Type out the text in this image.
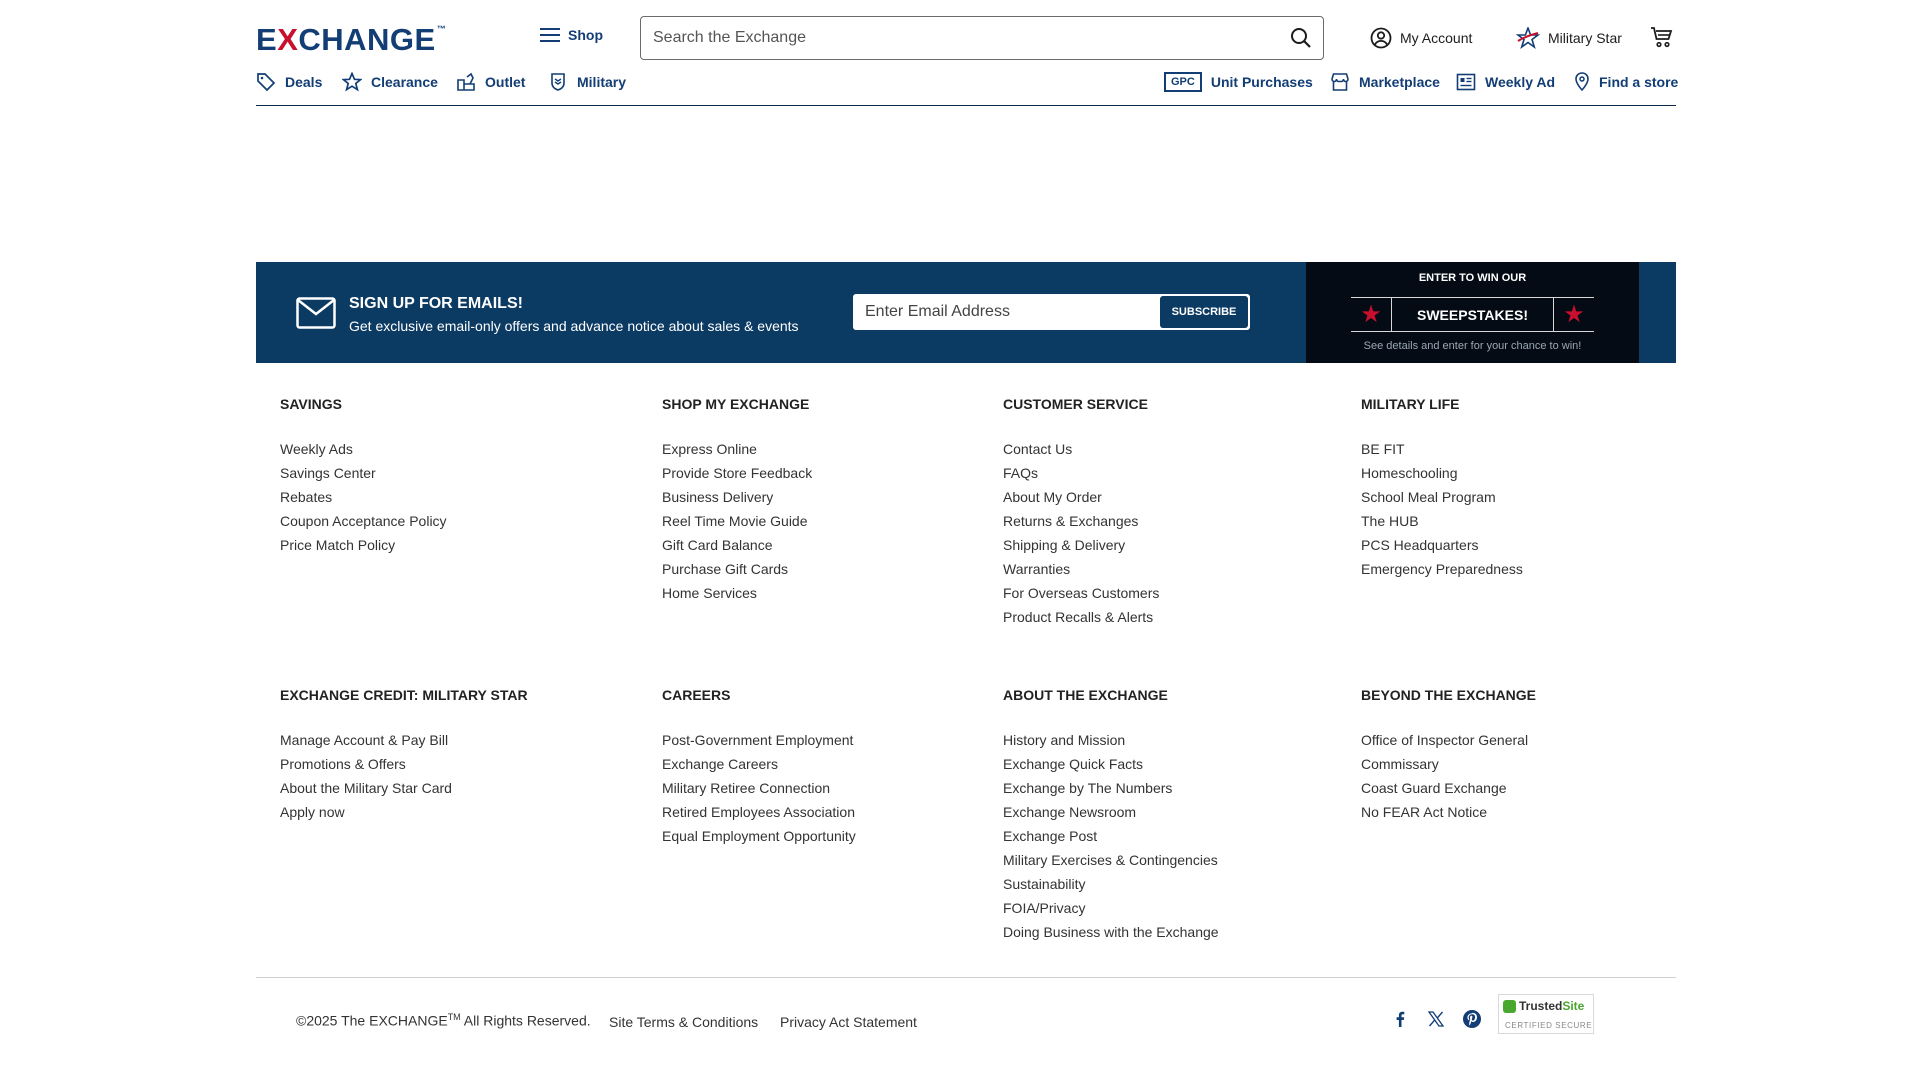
EXCHANGE™	Shop
Search the Exchange	My Account	Military Star
Deals	Clearance	Outlet	Military	GPC	Unit Purchases	Marketplace	Weekly Ad	Find a store
SIGN UP FOR EMAILS!
Get exclusive email-only offers and advance notice about sales & events
Enter Email Address
SUBSCRIBE
ENTER TO WIN OUR
★	SWEEPSTAKES!	★
See details and enter for your chance to win!
SAVINGS
Weekly Ads
Savings Center
Rebates
Coupon Acceptance Policy
Price Match Policy
SHOP MY EXCHANGE
Express Online
Provide Store Feedback
Business Delivery
Reel Time Movie Guide
Gift Card Balance
Purchase Gift Cards
Home Services
CUSTOMER SERVICE
Contact Us
FAQs
About My Order
Returns & Exchanges
Shipping & Delivery
Warranties
For Overseas Customers
Product Recalls & Alerts
MILITARY LIFE
BE FIT
Homeschooling
School Meal Program
The HUB
PCS Headquarters
Emergency Preparedness
EXCHANGE CREDIT: MILITARY STAR
Manage Account & Pay Bill
Promotions & Offers
About the Military Star Card
Apply now
CAREERS
Post-Government Employment
Exchange Careers
Military Retiree Connection
Retired Employees Association
Equal Employment Opportunity
ABOUT THE EXCHANGE
History and Mission
Exchange Quick Facts
Exchange by The Numbers
Exchange Newsroom
Exchange Post
Military Exercises & Contingencies
Sustainability
FOIA/Privacy
Doing Business with the Exchange
BEYOND THE EXCHANGE
Office of Inspector General
Commissary
Coast Guard Exchange
No FEAR Act Notice
©2025 The EXCHANGE™ All Rights Reserved. Site Terms & Conditions Privacy Act Statement
TrustedSite
CERTIFIED SECURE
